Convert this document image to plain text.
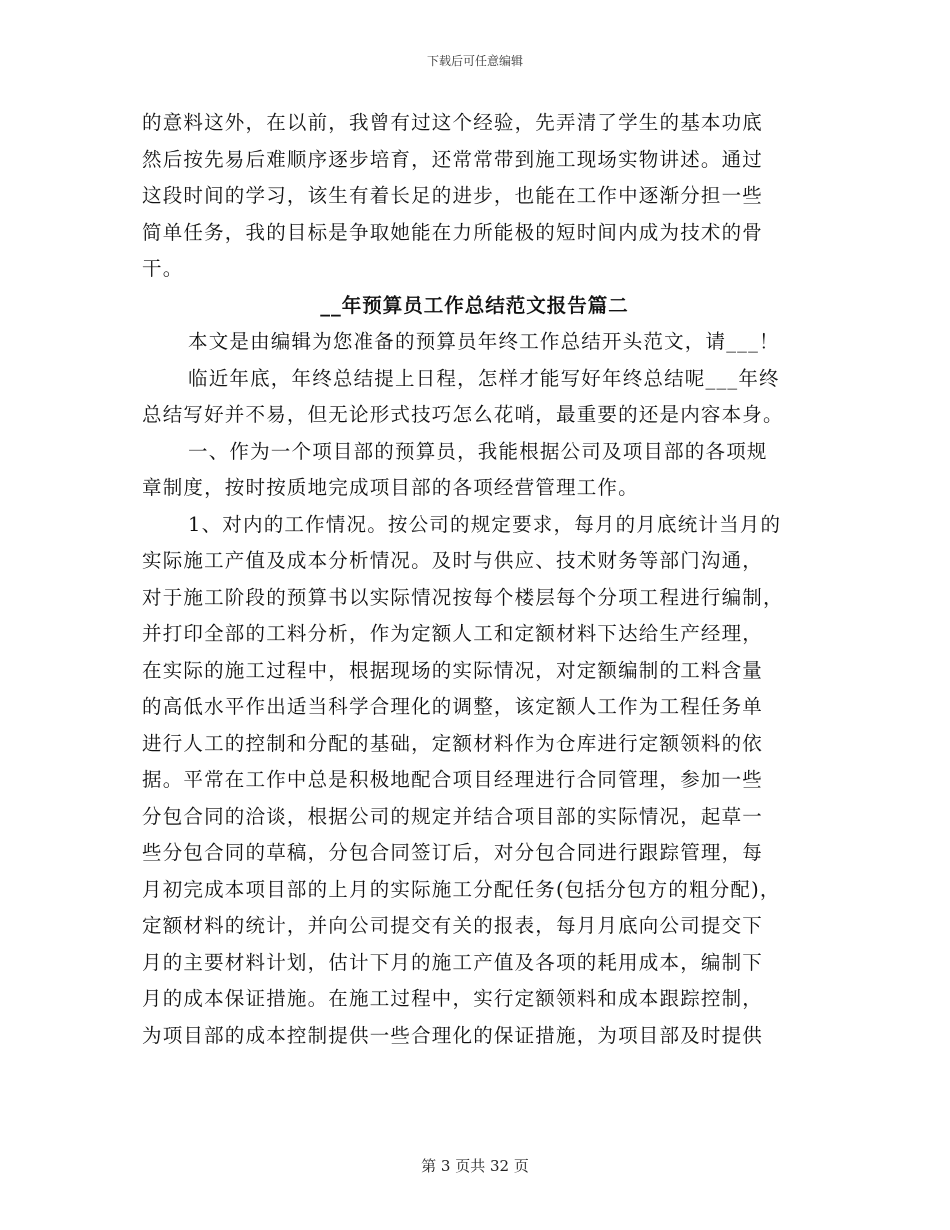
下载后可任意编辑
的意料这外，在以前，我曾有过这个经验，先弄清了学生的基本功底
然后按先易后难顺序逐步培育，还常常带到施工现场实物讲述。通过
这段时间的学习，该生有着长足的进步，也能在工作中逐渐分担一些
简单任务，我的目标是争取她能在力所能极的短时间内成为技术的骨
干。
__年预算员工作总结范文报告篇二
本文是由编辑为您准备的预算员年终工作总结开头范文，请___！
临近年底，年终总结提上日程，怎样才能写好年终总结呢___年终
总结写好并不易，但无论形式技巧怎么花哨，最重要的还是内容本身。
一、作为一个项目部的预算员，我能根据公司及项目部的各项规
章制度，按时按质地完成项目部的各项经营管理工作。
1、对内的工作情况。按公司的规定要求，每月的月底统计当月的
实际施工产值及成本分析情况。及时与供应、技术财务等部门沟通，
对于施工阶段的预算书以实际情况按每个楼层每个分项工程进行编制，
并打印全部的工料分析，作为定额人工和定额材料下达给生产经理，
在实际的施工过程中，根据现场的实际情况，对定额编制的工料含量
的高低水平作出适当科学合理化的调整，该定额人工作为工程任务单
进行人工的控制和分配的基础，定额材料作为仓库进行定额领料的依
据。平常在工作中总是积极地配合项目经理进行合同管理，参加一些
分包合同的洽谈，根据公司的规定并结合项目部的实际情况，起草一
些分包合同的草稿，分包合同签订后，对分包合同进行跟踪管理，每
月初完成本项目部的上月的实际施工分配任务(包括分包方的粗分配)，
定额材料的统计，并向公司提交有关的报表，每月月底向公司提交下
月的主要材料计划，估计下月的施工产值及各项的耗用成本，编制下
月的成本保证措施。在施工过程中，实行定额领料和成本跟踪控制，
为项目部的成本控制提供一些合理化的保证措施，为项目部及时提供
第 3 页共 32 页
